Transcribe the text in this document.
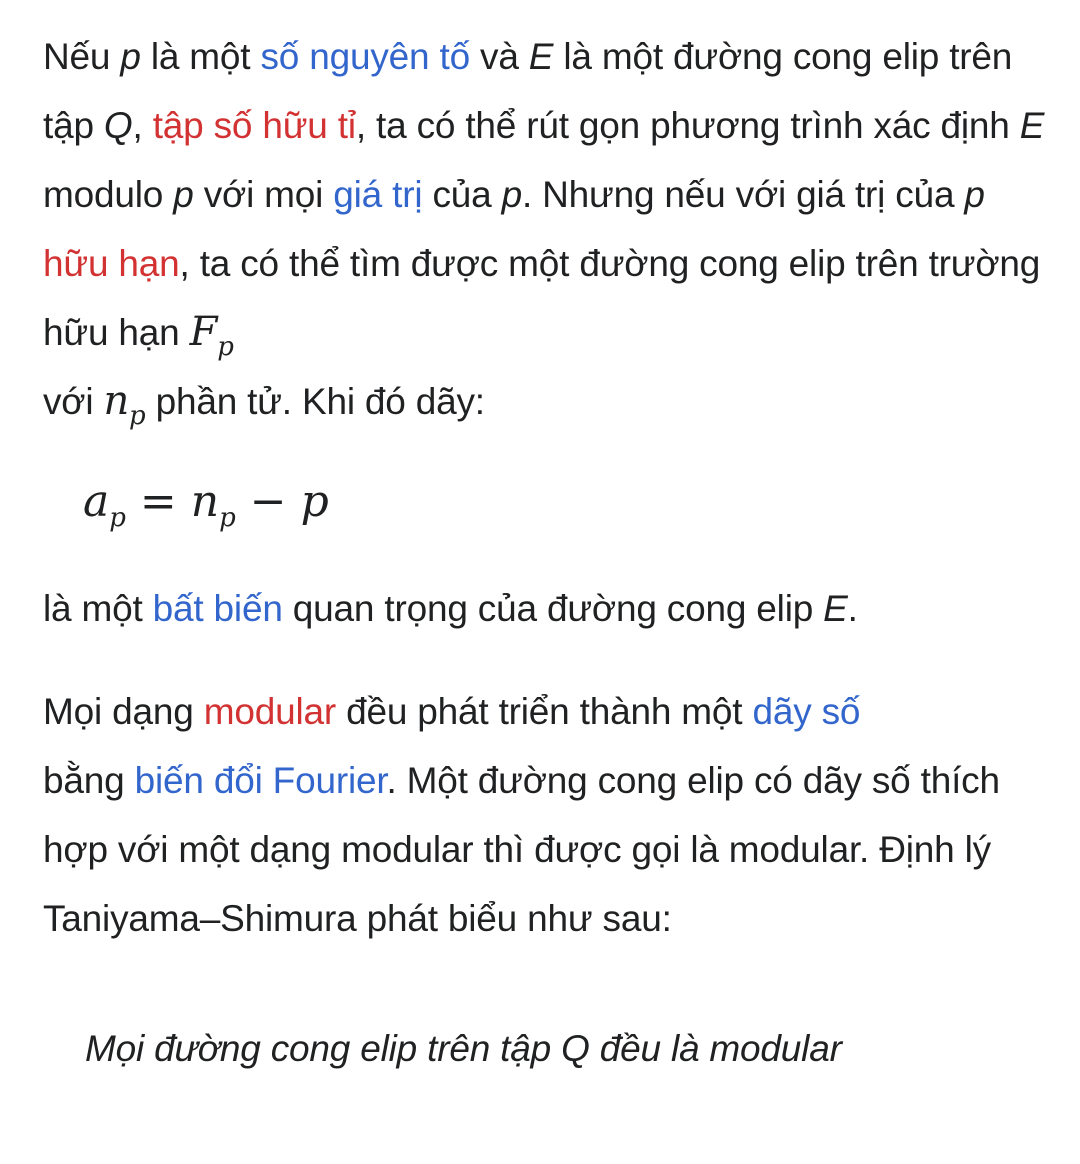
Nếu p là một số nguyên tố và E là một đường cong elip trên tập Q, tập số hữu tỉ, ta có thể rút gọn phương trình xác định E modulo p với mọi giá trị của p. Nhưng nếu với giá trị của p hữu hạn, ta có thể tìm được một đường cong elip trên trường hữu hạn $F_p$
với $n_p$ phần tử. Khi đó dãy:

$a_p = n_p - p$

là một bất biến quan trọng của đường cong elip E.

Mọi dạng modular đều phát triển thành một dãy số
bằng biến đổi Fourier. Một đường cong elip có dãy số thích hợp với một dạng modular thì được gọi là modular. Định lý Taniyama–Shimura phát biểu như sau:

Mọi đường cong elip trên tập Q đều là modular
